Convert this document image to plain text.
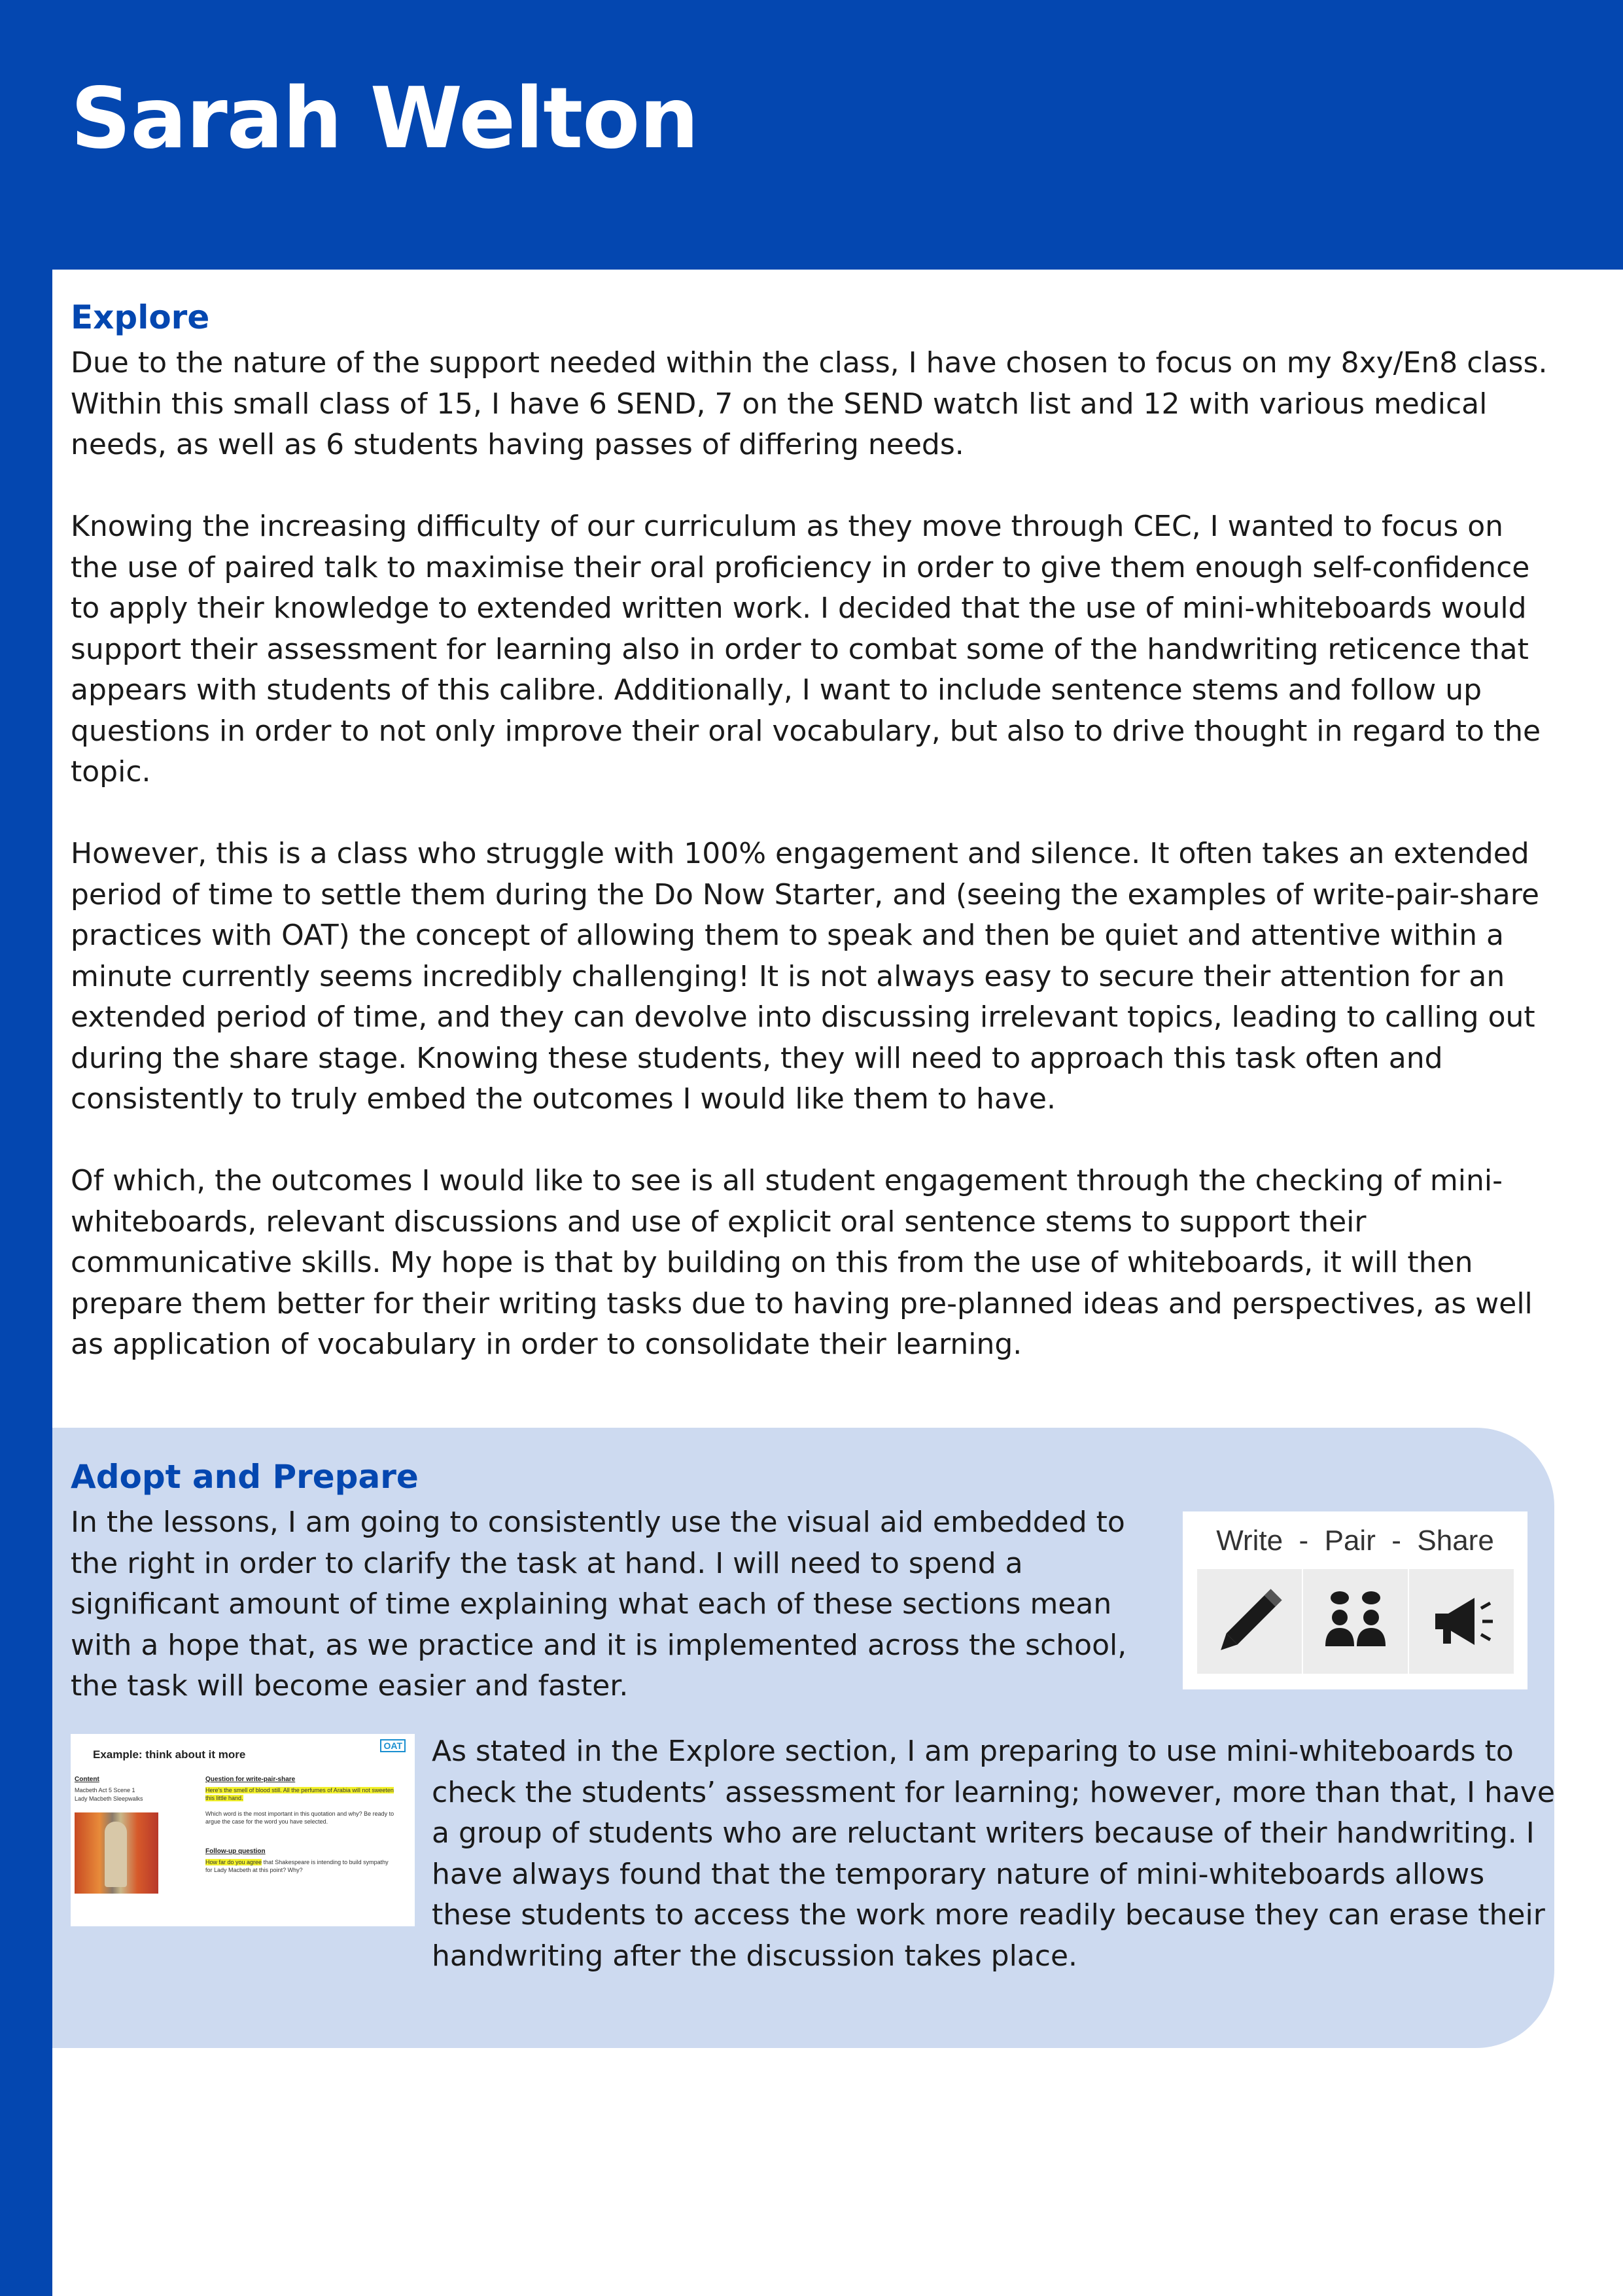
Sarah Welton
Explore

Due to the nature of the support needed within the class, I have chosen to focus on my 8xy/En8 class. Within this small class of 15, I have 6 SEND, 7 on the SEND watch list and 12 with various medical needs, as well as 6 students having passes of differing needs.

Knowing the increasing difficulty of our curriculum as they move through CEC, I wanted to focus on the use of paired talk to maximise their oral proficiency in order to give them enough self-confidence to apply their knowledge to extended written work. I decided that the use of mini-whiteboards would support their assessment for learning also in order to combat some of the handwriting reticence that appears with students of this calibre. Additionally, I want to include sentence stems and follow up questions in order to not only improve their oral vocabulary, but also to drive thought in regard to the topic.

However, this is a class who struggle with 100% engagement and silence. It often takes an extended period of time to settle them during the Do Now Starter, and (seeing the examples of write-pair-share practices with OAT) the concept of allowing them to speak and then be quiet and attentive within a minute currently seems incredibly challenging! It is not always easy to secure their attention for an extended period of time, and they can devolve into discussing irrelevant topics, leading to calling out during the share stage. Knowing these students, they will need to approach this task often and consistently to truly embed the outcomes I would like them to have.

Of which, the outcomes I would like to see is all student engagement through the checking of mini-whiteboards, relevant discussions and use of explicit oral sentence stems to support their communicative skills. My hope is that by building on this from the use of whiteboards, it will then prepare them better for their writing tasks due to having pre-planned ideas and perspectives, as well as application of vocabulary in order to consolidate their learning.

Adopt and Prepare

In the lessons, I am going to consistently use the visual aid embedded to the right in order to clarify the task at hand. I will need to spend a significant amount of time explaining what each of these sections mean with a hope that, as we practice and it is implemented across the school, the task will become easier and faster.

Write  -  Pair  -  Share
Example: think about it more
OAT
Content
Macbeth Act 5 Scene 1
Lady Macbeth Sleepwalks
Question for write-pair-share
Here's the smell of blood still. All the perfumes of Arabia will not sweeten this little hand.
Which word is the most important in this quotation and why? Be ready to argue the case for the word you have selected.
Follow-up question
How far do you agree that Shakespeare is intending to build sympathy for Lady Macbeth at this point? Why?

As stated in the Explore section, I am preparing to use mini-whiteboards to check the students’ assessment for learning; however, more than that, I have a group of students who are reluctant writers because of their handwriting. I have always found that the temporary nature of mini-whiteboards allows these students to access the work more readily because they can erase their handwriting after the discussion takes place.
